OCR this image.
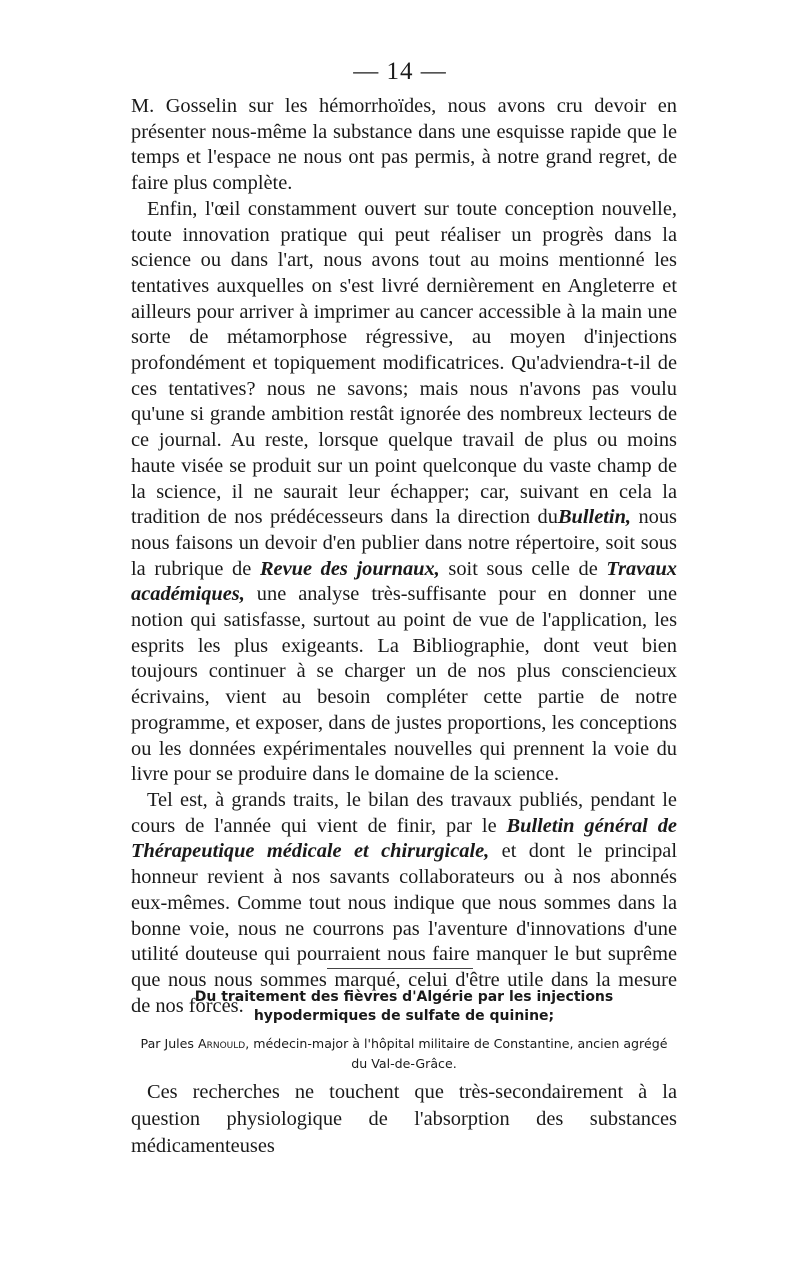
— 14 —

M. Gosselin sur les hémorrhoïdes, nous avons cru devoir en présenter nous-même la substance dans une esquisse rapide que le temps et l'espace ne nous ont pas permis, à notre grand regret, de faire plus complète.

Enfin, l'œil constamment ouvert sur toute conception nouvelle, toute innovation pratique qui peut réaliser un progrès dans la science ou dans l'art, nous avons tout au moins mentionné les tentatives auxquelles on s'est livré dernièrement en Angleterre et ailleurs pour arriver à imprimer au cancer accessible à la main une sorte de métamorphose régressive, au moyen d'injections profondément et topiquement modificatrices. Qu'adviendra-t-il de ces tentatives? nous ne savons; mais nous n'avons pas voulu qu'une si grande ambition restât ignorée des nombreux lecteurs de ce journal. Au reste, lorsque quelque travail de plus ou moins haute visée se produit sur un point quelconque du vaste champ de la science, il ne saurait leur échapper; car, suivant en cela la tradition de nos prédécesseurs dans la direction duBulletin, nous nous faisons un devoir d'en publier dans notre répertoire, soit sous la rubrique de Revue des journaux, soit sous celle de Travaux académiques, une analyse très-suffisante pour en donner une notion qui satisfasse, surtout au point de vue de l'application, les esprits les plus exigeants. La Bibliographie, dont veut bien toujours continuer à se charger un de nos plus consciencieux écrivains, vient au besoin compléter cette partie de notre programme, et exposer, dans de justes proportions, les conceptions ou les données expérimentales nouvelles qui prennent la voie du livre pour se produire dans le domaine de la science.

Tel est, à grands traits, le bilan des travaux publiés, pendant le cours de l'année qui vient de finir, par le Bulletin général de Thérapeutique médicale et chirurgicale, et dont le principal honneur revient à nos savants collaborateurs ou à nos abonnés eux-mêmes. Comme tout nous indique que nous sommes dans la bonne voie, nous ne courrons pas l'aventure d'innovations d'une utilité douteuse qui pourraient nous faire manquer le but suprême que nous nous sommes marqué, celui d'être utile dans la mesure de nos forces.

Du traitement des fièvres d'Algérie par les injections
hypodermiques de sulfate de quinine;
Par Jules Arnould, médecin-major à l'hôpital militaire de Constantine, ancien agrégé du Val-de-Grâce.

Ces recherches ne touchent que très-secondairement à la question physiologique de l'absorption des substances médicamenteuses
